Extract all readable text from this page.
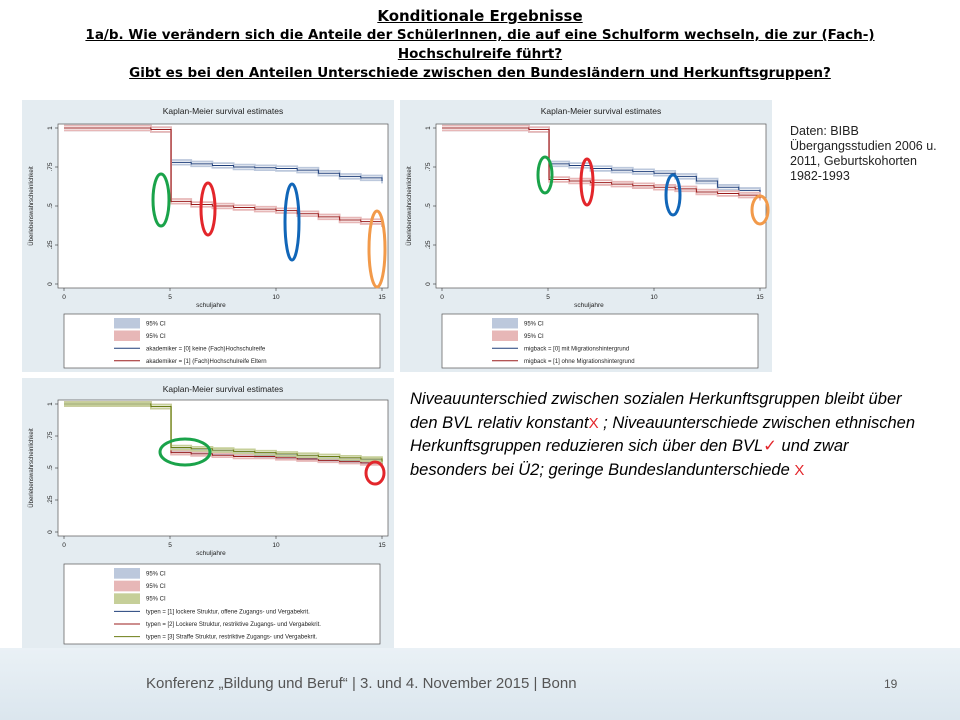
Konditionale Ergebnisse
1a/b. Wie verändern sich die Anteile der SchülerInnen, die auf eine Schulform wechseln, die zur (Fach-)
Hochschulreife führt?
Gibt es bei den Anteilen Unterschiede zwischen den Bundesländern und Herkunftsgruppen?
Kaplan-Meier survival estimates
0
.25
.5
.75
1
0	5	10	15
schuljahre
Überlebenswahrscheinlichkeit
95% CI
95% CI
akademiker = [0] keine (Fach)Hochschulreife
akademiker = [1] (Fach)Hochschulreife Eltern
Kaplan-Meier survival estimates
0
.25
.5
.75
1
0	5	10	15
schuljahre
Überlebenswahrscheinlichkeit
95% CI
95% CI
migback = [0] mit Migrationshintergrund
migback = [1] ohne Migrationshintergrund
Kaplan-Meier survival estimates
0
.25
.5
.75
1
0	5	10	15
schuljahre
Überlebenswahrscheinlichkeit
95% CI
95% CI
95% CI
typen = [1] lockere Struktur, offene Zugangs- und Vergabekrit.
typen = [2] Lockere Struktur, restriktive Zugangs- und Vergabekrit.
typen = [3] Straffe Struktur, restriktive Zugangs- und Vergabekrit.
Daten: BIBB
Übergangsstudien 2006 u.
2011, Geburtskohorten
1982-1993
Niveauunterschied zwischen sozialen Herkunftsgruppen bleibt über den BVL relativ konstantX ; Niveauunterschiede zwischen ethnischen Herkunftsgruppen reduzieren sich über den BVL✓ und zwar besonders bei Ü2; geringe Bundeslandunterschiede X
Konferenz „Bildung und Beruf“ | 3. und 4. November 2015 | Bonn	19
